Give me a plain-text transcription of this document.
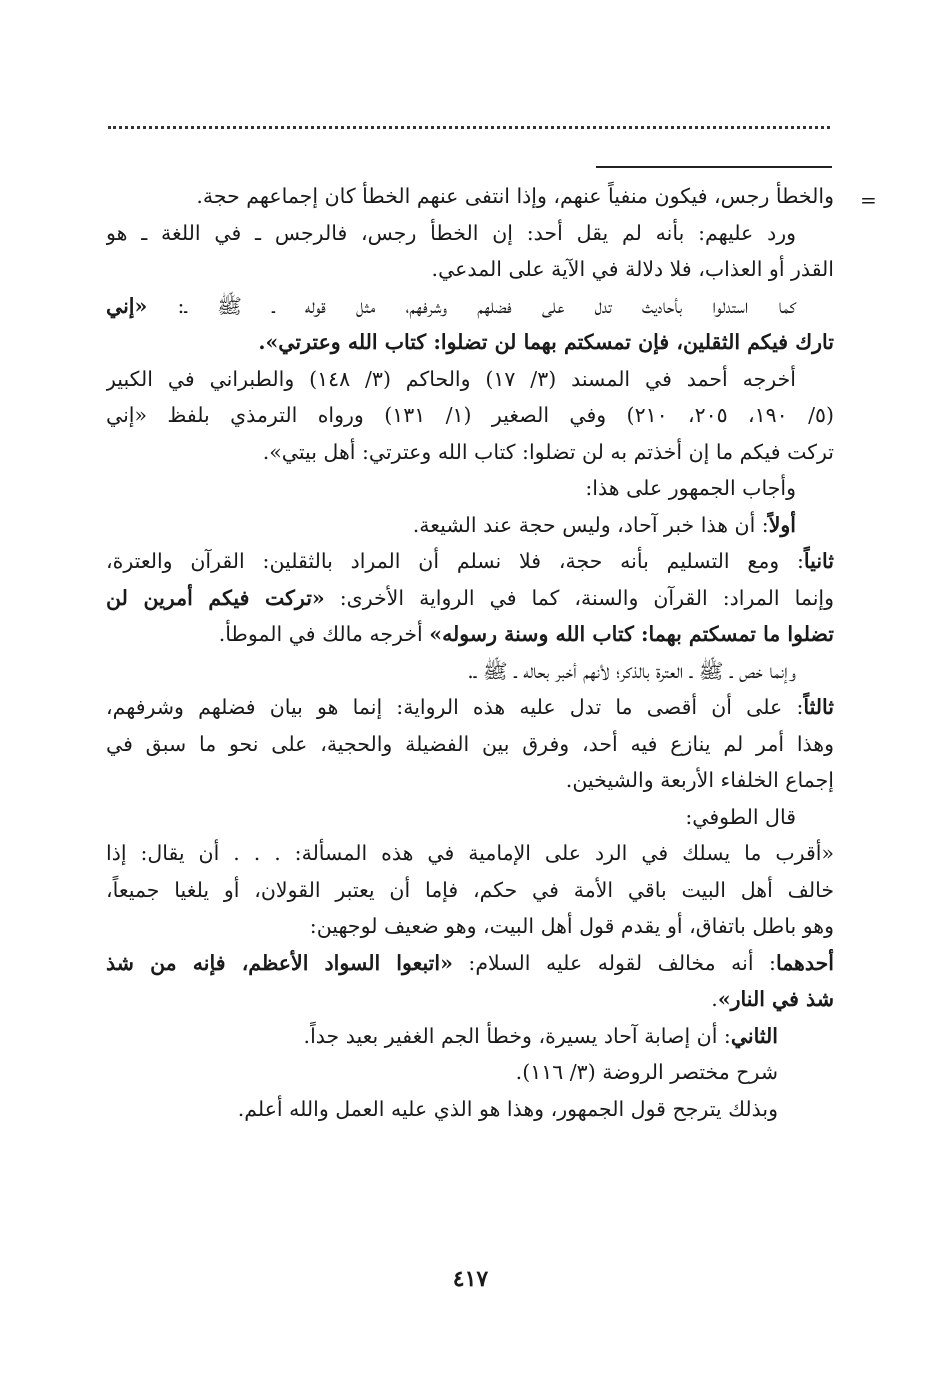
=
والخطأ رجس، فيكون منفياً عنهم، وإذا انتفى عنهم الخطأ كان إجماعهم حجة.
ورد عليهم: بأنه لم يقل أحد: إن الخطأ رجس، فالرجس ـ في اللغة ـ هو
القذر أو العذاب، فلا دلالة في الآية على المدعي.
كما استدلوا بأحاديث تدل على فضلهم وشرفهم، مثل قوله ـ ﷺ ـ: «إني
تارك فيكم الثقلين، فإن تمسكتم بهما لن تضلوا: كتاب الله وعترتي».
أخرجه أحمد في المسند (٣/ ١٧) والحاكم (٣/ ١٤٨) والطبراني في الكبير
(٥/ ١٩٠، ٢٠٥، ٢١٠) وفي الصغير (١/ ١٣١) ورواه الترمذي بلفظ «إني
تركت فيكم ما إن أخذتم به لن تضلوا: كتاب الله وعترتي: أهل بيتي».
وأجاب الجمهور على هذا:
أولاً: أن هذا خبر آحاد، وليس حجة عند الشيعة.
ثانياً: ومع التسليم بأنه حجة، فلا نسلم أن المراد بالثقلين: القرآن والعترة،
وإنما المراد: القرآن والسنة، كما في الرواية الأخرى: «تركت فيكم أمرين لن
تضلوا ما تمسكتم بهما: كتاب الله وسنة رسوله» أخرجه مالك في الموطأ.
وإنما خص ـ ﷺ ـ العترة بالذكر؛ لأنهم أخبر بحاله ـ ﷺ ـ.
ثالثاً: على أن أقصى ما تدل عليه هذه الرواية: إنما هو بيان فضلهم وشرفهم،
وهذا أمر لم ينازع فيه أحد، وفرق بين الفضيلة والحجية، على نحو ما سبق في
إجماع الخلفاء الأربعة والشيخين.
قال الطوفي:
«أقرب ما يسلك في الرد على الإمامية في هذه المسألة: . . . أن يقال: إذا
خالف أهل البيت باقي الأمة في حكم، فإما أن يعتبر القولان، أو يلغيا جميعاً،
وهو باطل باتفاق، أو يقدم قول أهل البيت، وهو ضعيف لوجهين:
أحدهما: أنه مخالف لقوله عليه السلام: «اتبعوا السواد الأعظم، فإنه من شذ
شذ في النار».
الثاني: أن إصابة آحاد يسيرة، وخطأ الجم الغفير بعيد جداً.
شرح مختصر الروضة (٣/ ١١٦).
وبذلك يترجح قول الجمهور، وهذا هو الذي عليه العمل والله أعلم.
٤١٧
